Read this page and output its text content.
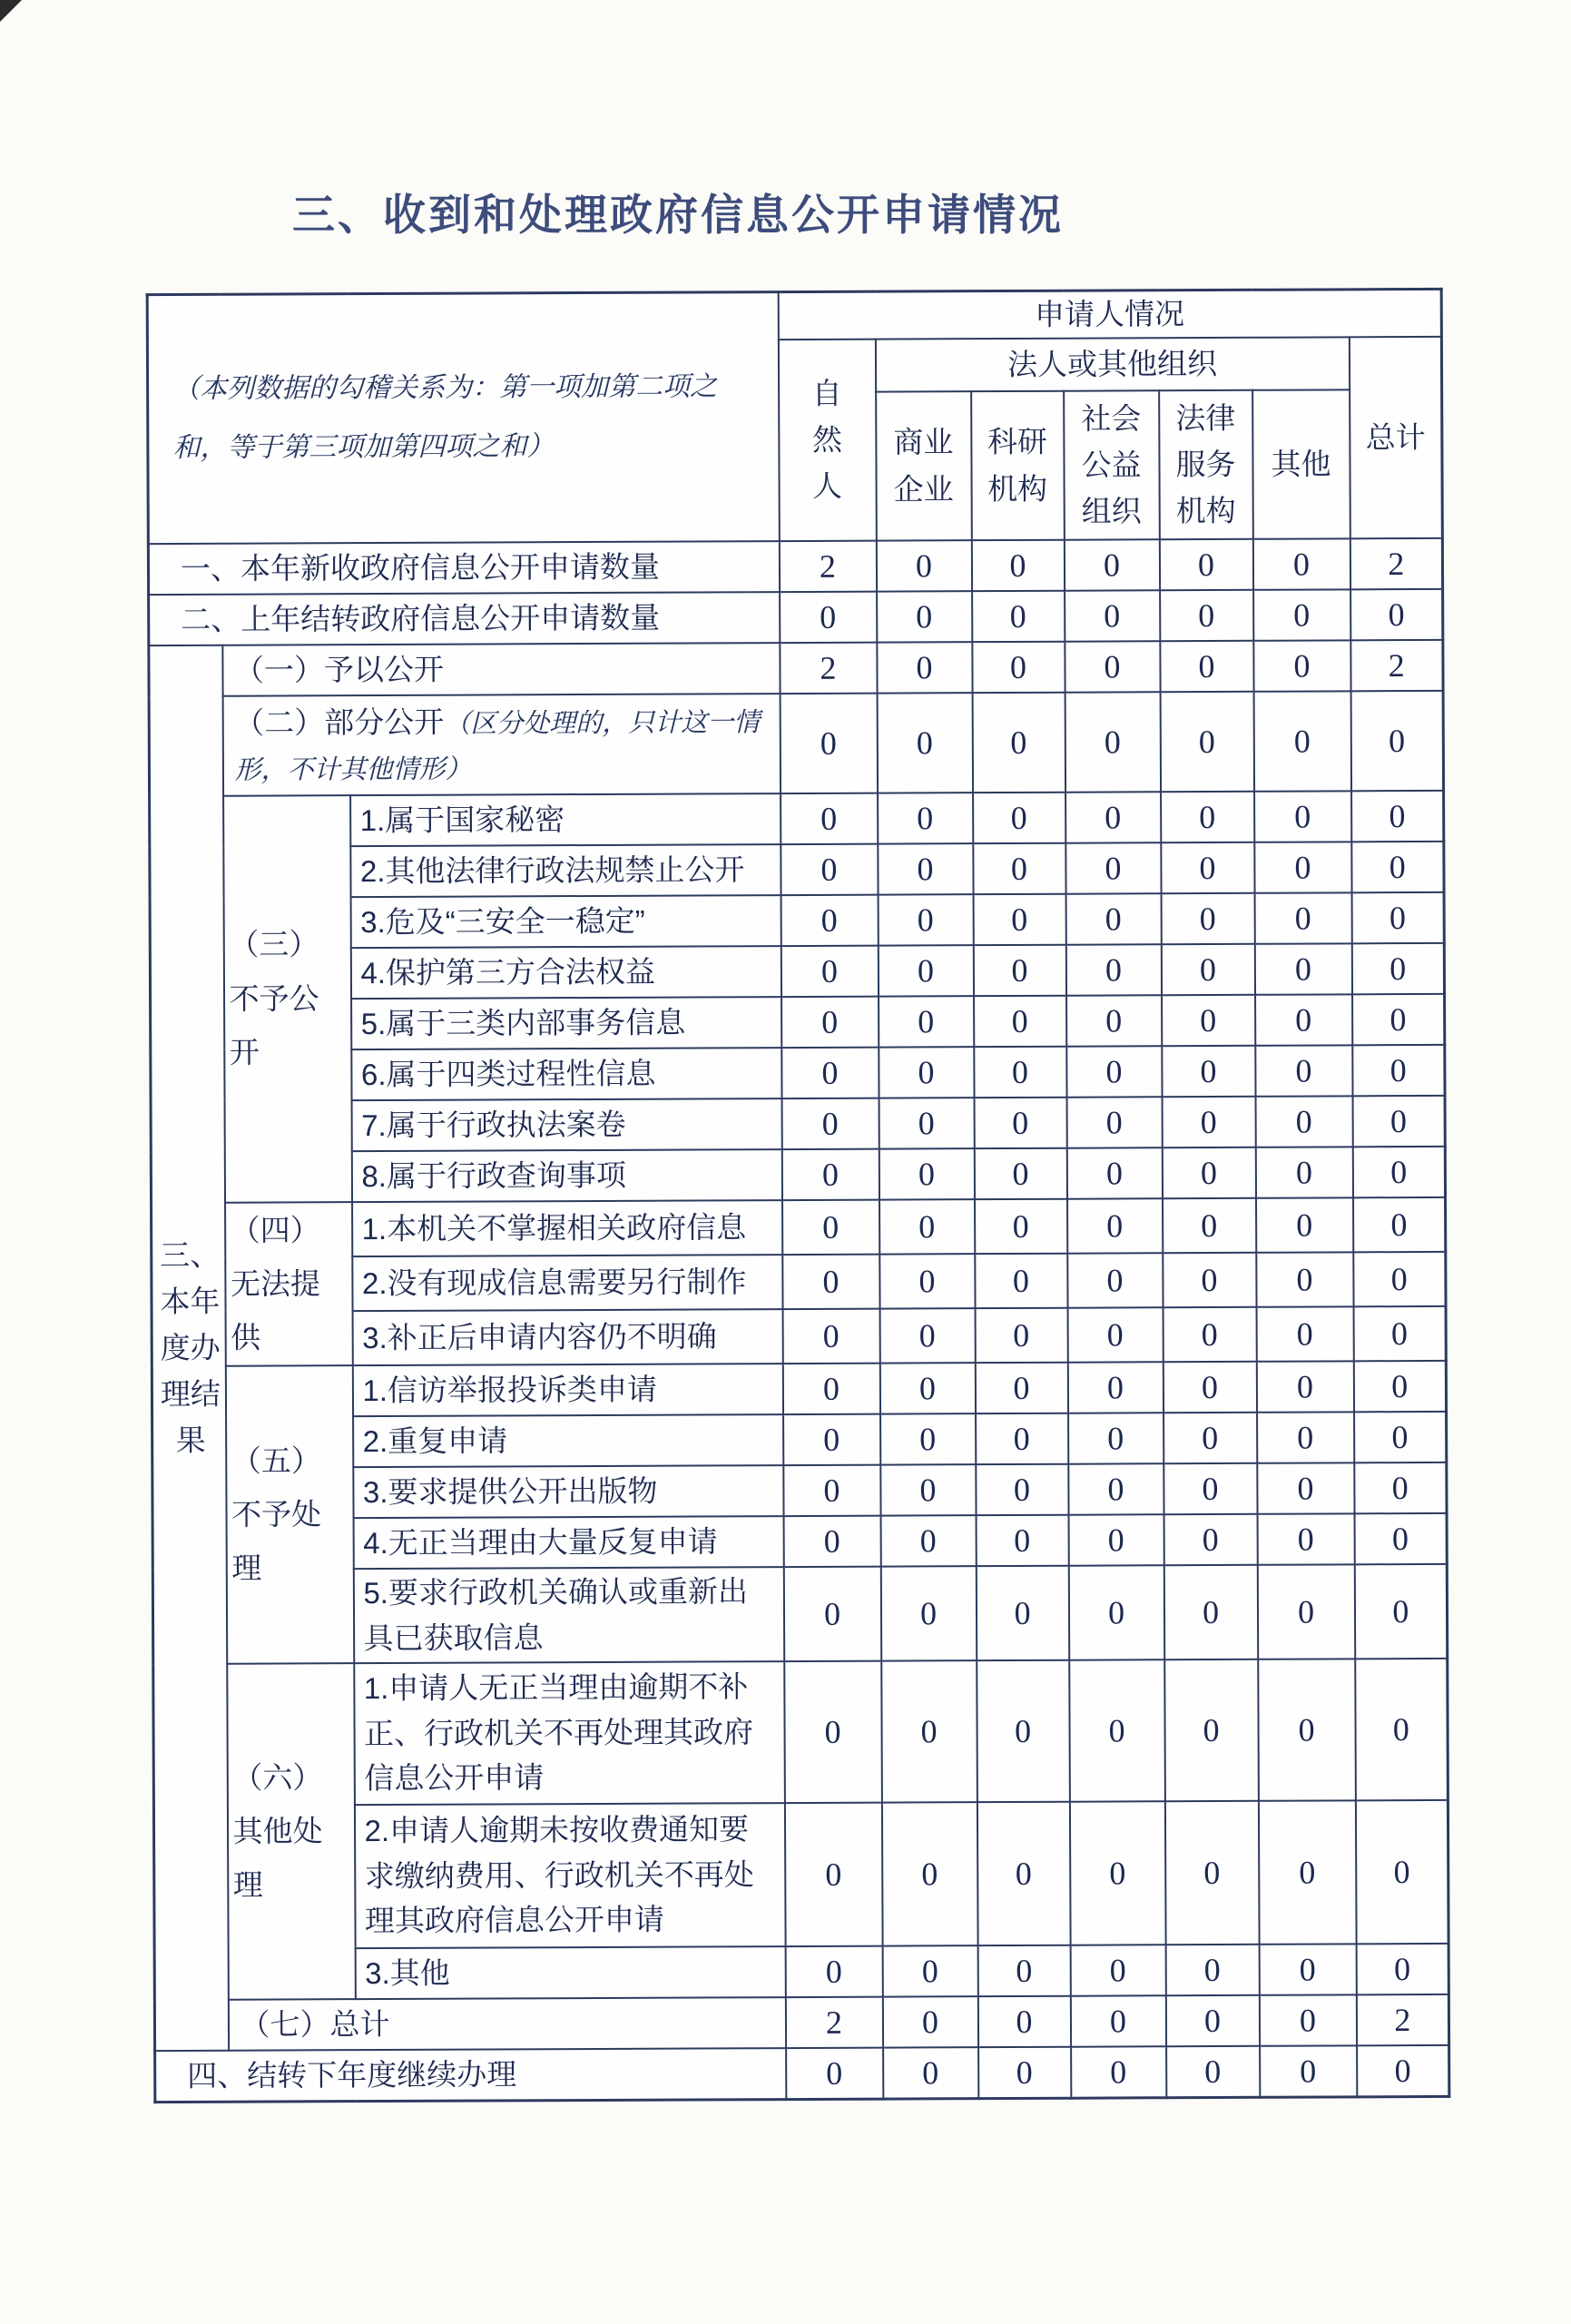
三、收到和处理政府信息公开申请情况
（本列数据的勾稽关系为：第一项加第二项之和，等于第三项加第四项之和）			申请人情况						
			自然人	法人或其他组织					总计
				商业企业	科研机构	社会公益组织	法律服务机构	其他	
一、本年新收政府信息公开申请数量			2	0	0	0	0	0	2
二、上年结转政府信息公开申请数量			0	0	0	0	0	0	0
三、本年度办理结果	（一）予以公开		2	0	0	0	0	0	2
	（二）部分公开（区分处理的，只计这一情形，不计其他情形）		0	0	0	0	0	0	0
	（三）不予公开	1.属于国家秘密	0	0	0	0	0	0	0
		2.其他法律行政法规禁止公开	0	0	0	0	0	0	0
		3.危及“三安全一稳定”	0	0	0	0	0	0	0
		4.保护第三方合法权益	0	0	0	0	0	0	0
		5.属于三类内部事务信息	0	0	0	0	0	0	0
		6.属于四类过程性信息	0	0	0	0	0	0	0
		7.属于行政执法案卷	0	0	0	0	0	0	0
		8.属于行政查询事项	0	0	0	0	0	0	0
	（四）无法提供	1.本机关不掌握相关政府信息	0	0	0	0	0	0	0
		2.没有现成信息需要另行制作	0	0	0	0	0	0	0
		3.补正后申请内容仍不明确	0	0	0	0	0	0	0
	（五）不予处理	1.信访举报投诉类申请	0	0	0	0	0	0	0
		2.重复申请	0	0	0	0	0	0	0
		3.要求提供公开出版物	0	0	0	0	0	0	0
		4.无正当理由大量反复申请	0	0	0	0	0	0	0
		5.要求行政机关确认或重新出具已获取信息	0	0	0	0	0	0	0
	（六）其他处理	1.申请人无正当理由逾期不补正、行政机关不再处理其政府信息公开申请	0	0	0	0	0	0	0
		2.申请人逾期未按收费通知要求缴纳费用、行政机关不再处理其政府信息公开申请	0	0	0	0	0	0	0
		3.其他	0	0	0	0	0	0	0
	（七）总计		2	0	0	0	0	0	2
四、结转下年度继续办理			0	0	0	0	0	0	0
